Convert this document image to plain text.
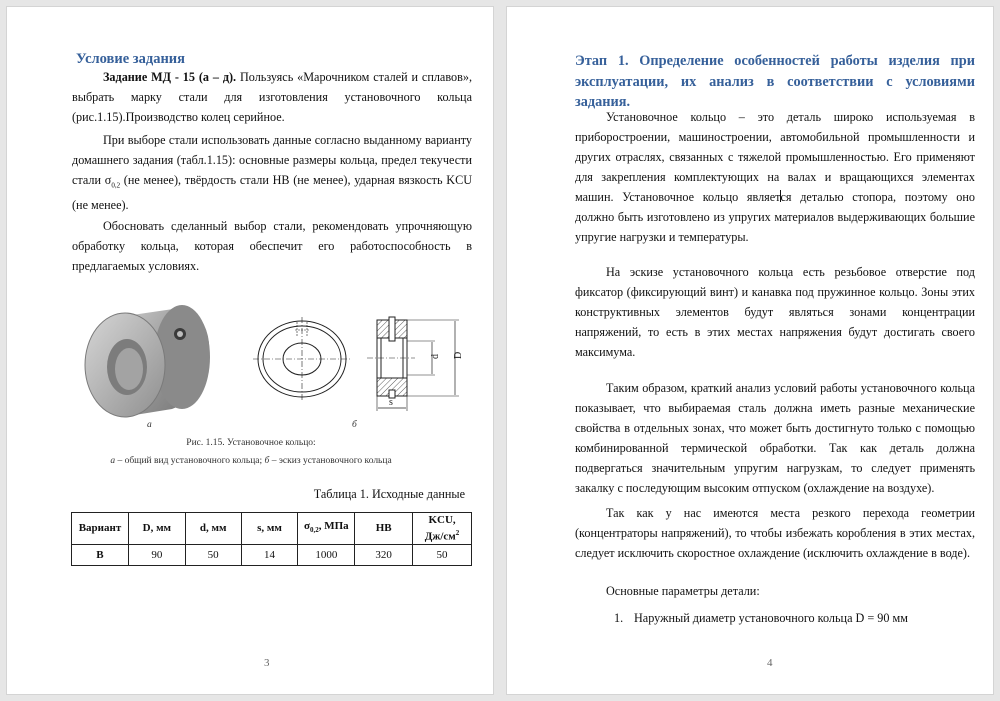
Условие задания

Задание МД - 15 (а – д). Пользуясь «Марочником сталей и сплавов», выбрать марку стали для изготовления установочного кольца (рис.1.15).Производство колец серийное.

При выборе стали использовать данные согласно выданному варианту домашнего задания (табл.1.15): основные размеры кольца, предел текучести стали $\sigma_{0,2}$ (не менее), твёрдость стали НВ (не менее), ударная вязкость KCU (не менее).

Обосновать сделанный выбор стали, рекомендовать упрочняющую обработку кольца, которая обеспечит его работоспособность в предлагаемых условиях.

d D
s
а	б
Рис. 1.15. Установочное кольцо:
а – общий вид установочного кольца; б – эскиз установочного кольца
Таблица 1. Исходные данные
Вариант	D, мм	d, мм	s, мм	$\sigma_{0,2}$, МПа	НВ	KCU,
$Дж/см^2$
В	90	50	14	1000	320	50
3
Этап 1. Определение особенностей работы изделия при эксплуатации, их анализ в соответствии с условиями задания.

Установочное кольцо – это деталь широко используемая в приборостроении, машиностроении, автомобильной промышленности и других отраслях, связанных с тяжелой промышленностью. Его применяют для закрепления комплектующих на валах и вращающихся элементах машин. Установочное кольцо является деталью стопора, поэтому оно должно быть изготовлено из упругих материалов выдерживающих большие упругие нагрузки и температуры.

На эскизе установочного кольца есть резьбовое отверстие под фиксатор (фиксирующий винт) и канавка под пружинное кольцо. Зоны этих конструктивных элементов будут являться зонами концентрации напряжений, то есть в этих местах напряжения будут достигать своего максимума.

Таким образом, краткий анализ условий работы установочного кольца показывает, что выбираемая сталь должна иметь разные механические свойства в отдельных зонах, что может быть достигнуто только с помощью комбинированной термической обработки. Так как деталь должна подвергаться значительным упругим нагрузкам, то следует применять закалку с последующим высоким отпуском (охлаждение на воздухе).

Так как у нас имеются места резкого перехода геометрии (концентраторы напряжений), то чтобы избежать коробления в этих местах, следует исключить скоростное охлаждение (исключить охлаждение в воде).

Основные параметры детали:

1. Наружный диаметр установочного кольца D = 90 мм
4
